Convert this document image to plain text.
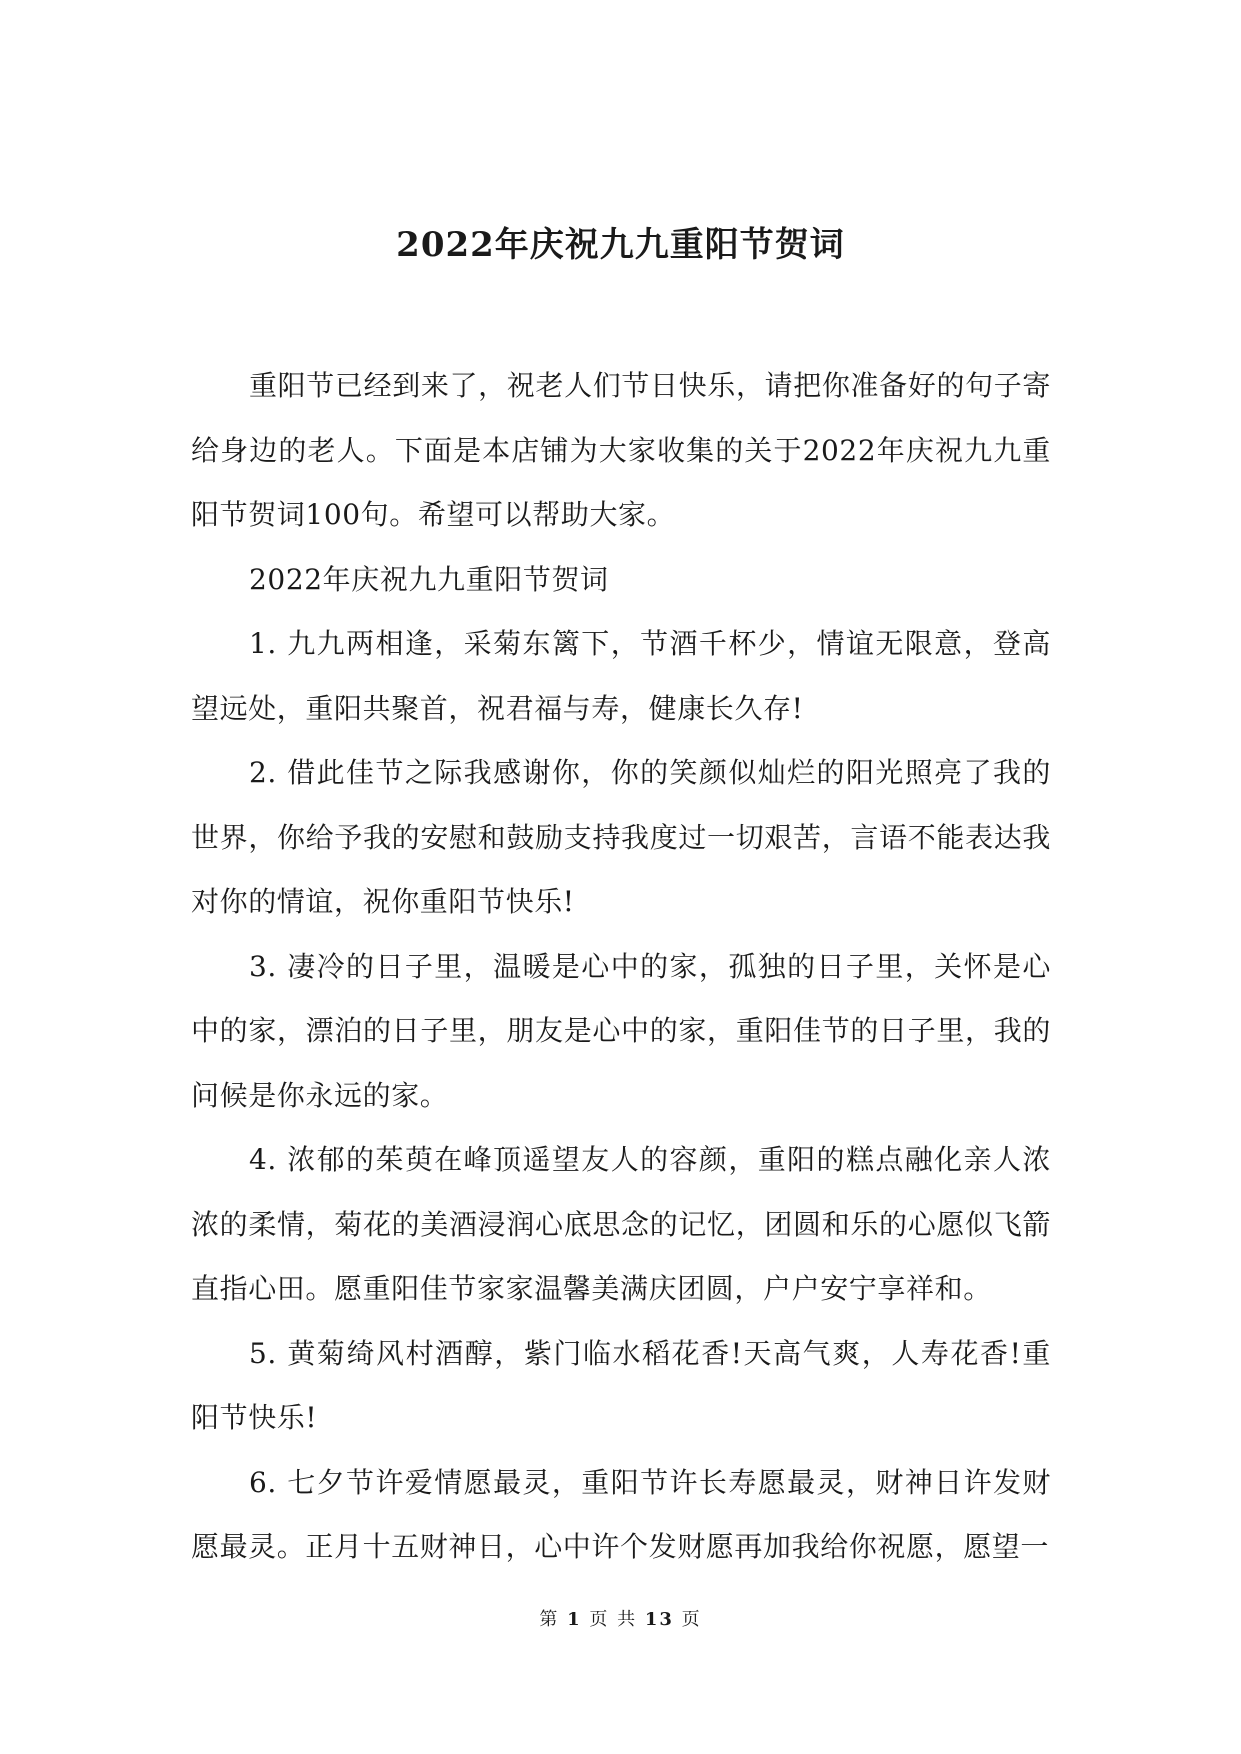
2022年庆祝九九重阳节贺词

重阳节已经到来了，祝老人们节日快乐，请把你准备好的句子寄给身边的老人。下面是本店铺为大家收集的关于2022年庆祝九九重阳节贺词100句。希望可以帮助大家。

2022年庆祝九九重阳节贺词

1. 九九两相逢，采菊东篱下，节酒千杯少，情谊无限意，登高望远处，重阳共聚首，祝君福与寿，健康长久存!

2. 借此佳节之际我感谢你，你的笑颜似灿烂的阳光照亮了我的世界，你给予我的安慰和鼓励支持我度过一切艰苦，言语不能表达我对你的情谊，祝你重阳节快乐!

3. 凄冷的日子里，温暖是心中的家，孤独的日子里，关怀是心中的家，漂泊的日子里，朋友是心中的家，重阳佳节的日子里，我的问候是你永远的家。

4. 浓郁的茱萸在峰顶遥望友人的容颜，重阳的糕点融化亲人浓浓的柔情，菊花的美酒浸润心底思念的记忆，团圆和乐的心愿似飞箭直指心田。愿重阳佳节家家温馨美满庆团圆，户户安宁享祥和。

5. 黄菊绮风村酒醇，紫门临水稻花香!天高气爽，人寿花香!重阳节快乐!

6. 七夕节许爱情愿最灵，重阳节许长寿愿最灵，财神日许发财愿最灵。正月十五财神日，心中许个发财愿再加我给你祝愿，愿望一

第 1 页 共 13 页
